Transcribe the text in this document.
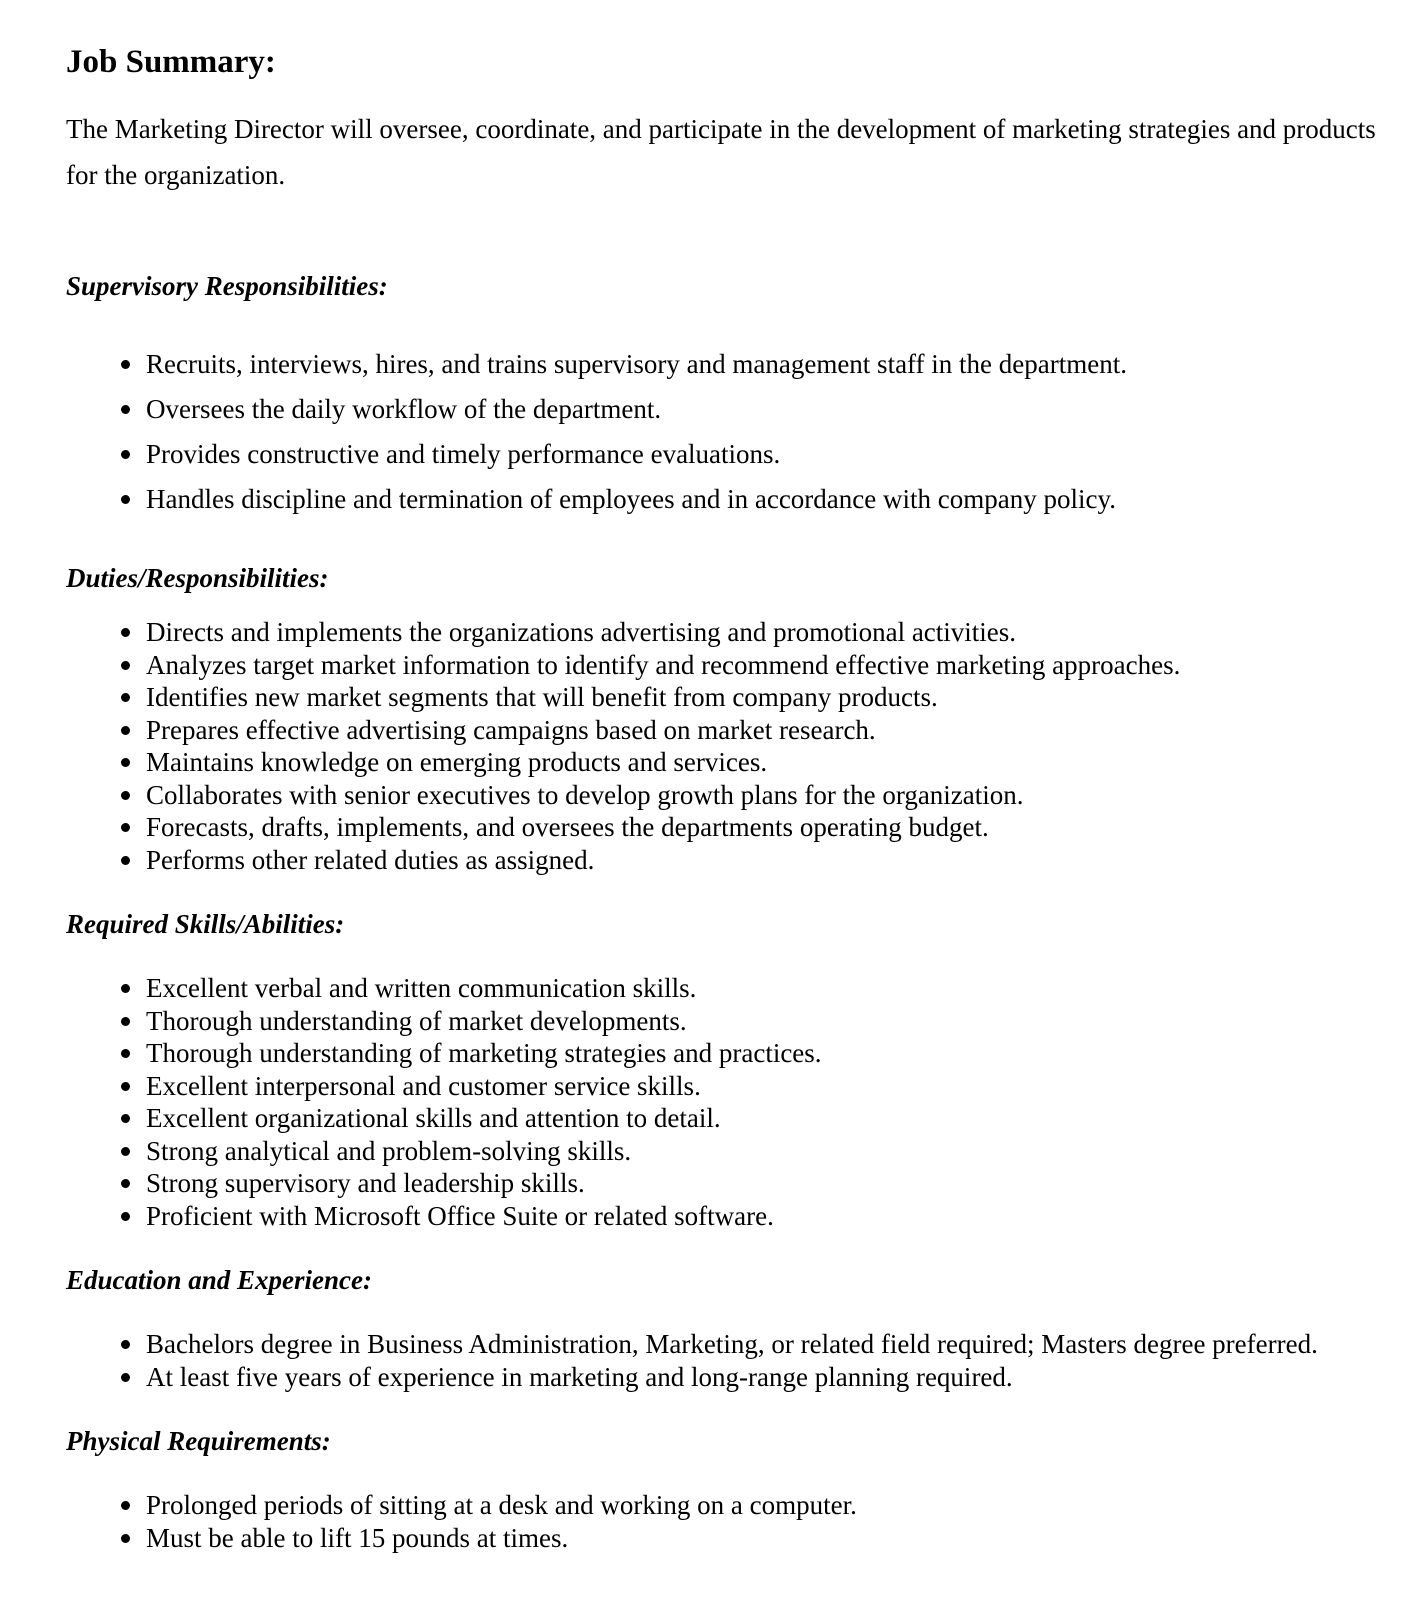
Job Summary:

The Marketing Director will oversee, coordinate, and participate in the development of marketing strategies and products for the organization.

Supervisory Responsibilities:
Recruits, interviews, hires, and trains supervisory and management staff in the department.
Oversees the daily workflow of the department.
Provides constructive and timely performance evaluations.
Handles discipline and termination of employees and in accordance with company policy.
Duties/Responsibilities:
Directs and implements the organizations advertising and promotional activities.
Analyzes target market information to identify and recommend effective marketing approaches.
Identifies new market segments that will benefit from company products.
Prepares effective advertising campaigns based on market research.
Maintains knowledge on emerging products and services.
Collaborates with senior executives to develop growth plans for the organization.
Forecasts, drafts, implements, and oversees the departments operating budget.
Performs other related duties as assigned.
Required Skills/Abilities:
Excellent verbal and written communication skills.
Thorough understanding of market developments.
Thorough understanding of marketing strategies and practices.
Excellent interpersonal and customer service skills.
Excellent organizational skills and attention to detail.
Strong analytical and problem-solving skills.
Strong supervisory and leadership skills.
Proficient with Microsoft Office Suite or related software.
Education and Experience:
Bachelors degree in Business Administration, Marketing, or related field required; Masters degree preferred.
At least five years of experience in marketing and long-range planning required.
Physical Requirements:
Prolonged periods of sitting at a desk and working on a computer.
Must be able to lift 15 pounds at times.
